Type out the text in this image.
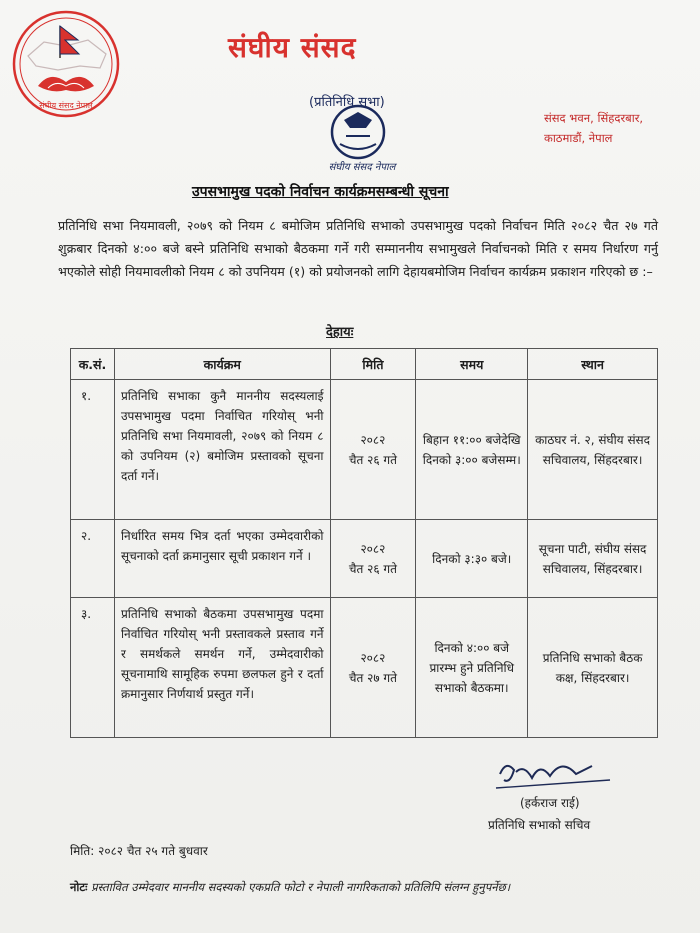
संघीय संसद नेपाल
संघीय संसद
संघीय संसद नेपाल
(प्रतिनिधि सभा)
संसद भवन, सिंहदरबार,
काठमाडौं, नेपाल
उपसभामुख पदको निर्वाचन कार्यक्रमसम्बन्धी सूचना
प्रतिनिधि सभा नियमावली, २०७९ को नियम ८ बमोजिम प्रतिनिधि सभाको उपसभामुख पदको निर्वाचन मिति २०८२ चैत २७ गते शुक्रबार दिनको ४:०० बजे बस्ने प्रतिनिधि सभाको बैठकमा गर्ने गरी सम्माननीय सभामुखले निर्वाचनको मिति र समय निर्धारण गर्नु भएकोले सोही नियमावलीको नियम ८ को उपनियम (१) को प्रयोजनको लागि देहायबमोजिम निर्वाचन कार्यक्रम प्रकाशन गरिएको छ :–
देहायः
क.सं.	कार्यक्रम	मिति	समय	स्थान
१.	प्रतिनिधि सभाका कुनै माननीय सदस्यलाई उपसभामुख पदमा निर्वाचित गरियोस् भनी प्रतिनिधि सभा नियमावली, २०७९ को नियम ८ को उपनियम (२) बमोजिम प्रस्तावको सूचना दर्ता गर्ने।	२०८२
चैत २६ गते	बिहान ११:०० बजेदेखि दिनको ३:०० बजेसम्म।	काठघर नं. २, संघीय संसद सचिवालय, सिंहदरबार।
२.	निर्धारित समय भित्र दर्ता भएका उम्मेदवारीको सूचनाको दर्ता क्रमानुसार सूची प्रकाशन गर्ने ।	२०८२
चैत २६ गते	दिनको ३:३० बजे।	सूचना पाटी, संघीय संसद सचिवालय, सिंहदरबार।
३.	प्रतिनिधि सभाको बैठकमा उपसभामुख पदमा निर्वाचित गरियोस् भनी प्रस्तावकले प्रस्ताव गर्ने र समर्थकले समर्थन गर्ने, उम्मेदवारीको सूचनामाथि सामूहिक रुपमा छलफल हुने र दर्ता क्रमानुसार निर्णयार्थ प्रस्तुत गर्ने।	२०८२
चैत २७ गते	दिनको ४:०० बजे प्रारम्भ हुने प्रतिनिधि सभाको बैठकमा।	प्रतिनिधि सभाको बैठक कक्ष, सिंहदरबार।
(हर्कराज राई)
प्रतिनिधि सभाको सचिव
मिति: २०८२ चैत २५ गते बुधवार
नोटः प्रस्तावित उम्मेदवार माननीय सदस्यको एकप्रति फोटो र नेपाली नागरिकताको प्रतिलिपि संलग्न हुनुपर्नेछ।
